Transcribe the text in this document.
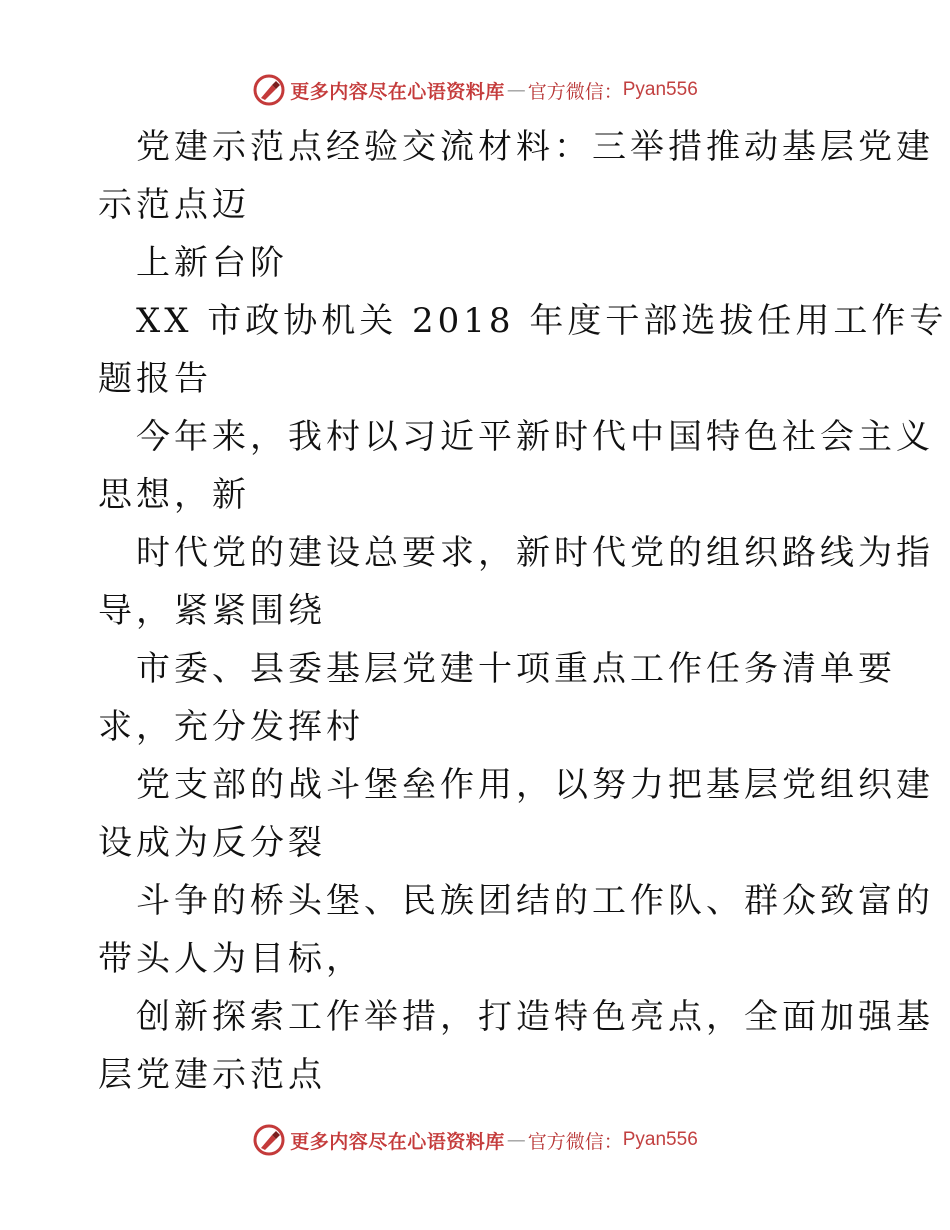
更多内容尽在心语资料库 — 官方微信： Pyan556

党建示范点经验交流材料：三举措推动基层党建
示范点迈

上新台阶

XX 市政协机关 2018 年度干部选拔任用工作专
题报告

今年来，我村以习近平新时代中国特色社会主义
思想，新

时代党的建设总要求，新时代党的组织路线为指
导，紧紧围绕

市委、县委基层党建十项重点工作任务清单要
求，充分发挥村

党支部的战斗堡垒作用，以努力把基层党组织建
设成为反分裂

斗争的桥头堡、民族团结的工作队、群众致富的
带头人为目标，

创新探索工作举措，打造特色亮点，全面加强基
层党建示范点

更多内容尽在心语资料库 — 官方微信： Pyan556
